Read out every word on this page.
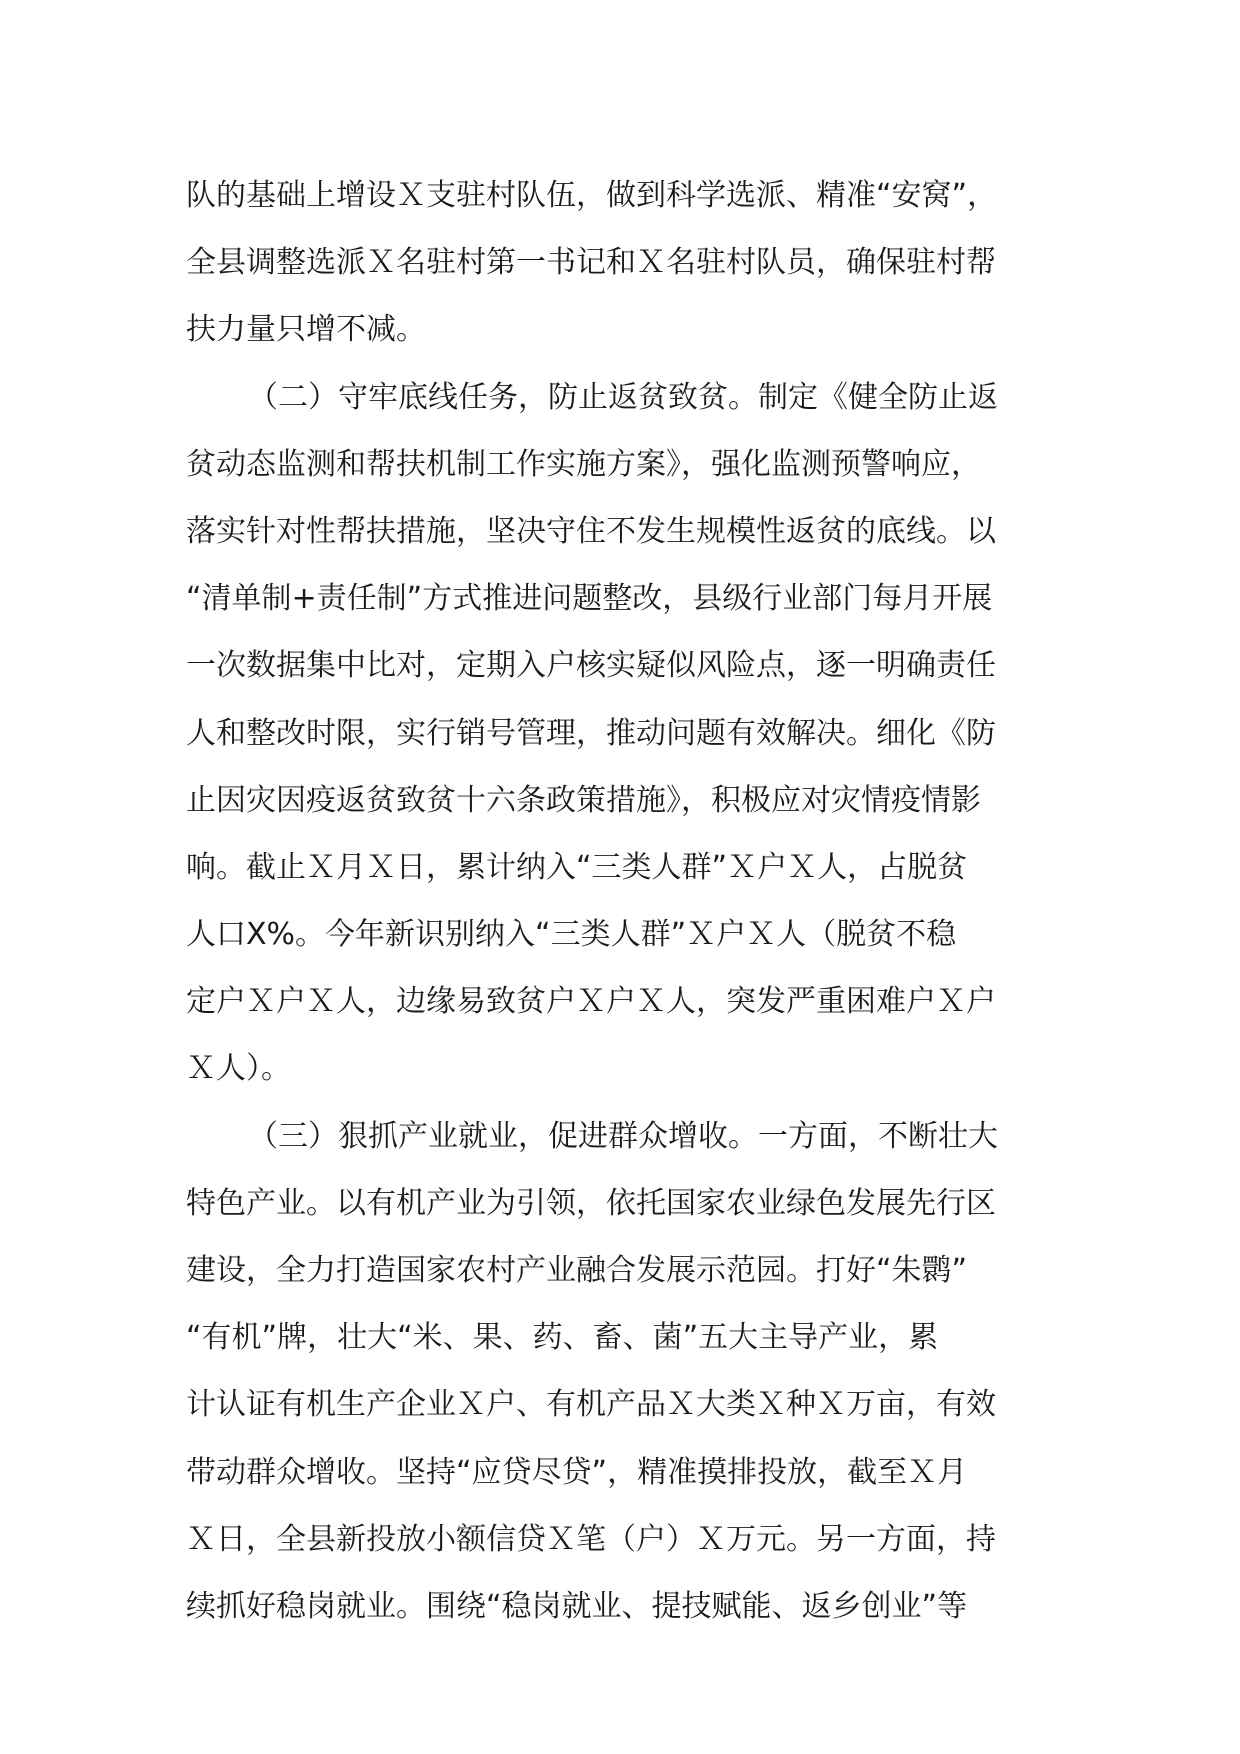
队的基础上增设Ｘ支驻村队伍，做到科学选派、精准“安窝”，
全县调整选派Ｘ名驻村第一书记和Ｘ名驻村队员，确保驻村帮
扶力量只增不减。
（二）守牢底线任务，防止返贫致贫。制定《健全防止返
贫动态监测和帮扶机制工作实施方案》，强化监测预警响应，
落实针对性帮扶措施，坚决守住不发生规模性返贫的底线。以
“清单制+责任制”方式推进问题整改，县级行业部门每月开展
一次数据集中比对，定期入户核实疑似风险点，逐一明确责任
人和整改时限，实行销号管理，推动问题有效解决。细化《防
止因灾因疫返贫致贫十六条政策措施》，积极应对灾情疫情影
响。截止Ｘ月Ｘ日，累计纳入“三类人群”Ｘ户Ｘ人，占脱贫
人口X%。今年新识别纳入“三类人群”Ｘ户Ｘ人（脱贫不稳
定户Ｘ户Ｘ人，边缘易致贫户Ｘ户Ｘ人，突发严重困难户Ｘ户
Ｘ人）。
（三）狠抓产业就业，促进群众增收。一方面，不断壮大
特色产业。以有机产业为引领，依托国家农业绿色发展先行区
建设，全力打造国家农村产业融合发展示范园。打好“朱鹮”
“有机”牌，壮大“米、果、药、畜、菌”五大主导产业，累
计认证有机生产企业Ｘ户、有机产品Ｘ大类Ｘ种Ｘ万亩，有效
带动群众增收。坚持“应贷尽贷”，精准摸排投放，截至Ｘ月
Ｘ日，全县新投放小额信贷Ｘ笔（户）Ｘ万元。另一方面，持
续抓好稳岗就业。围绕“稳岗就业、提技赋能、返乡创业”等
